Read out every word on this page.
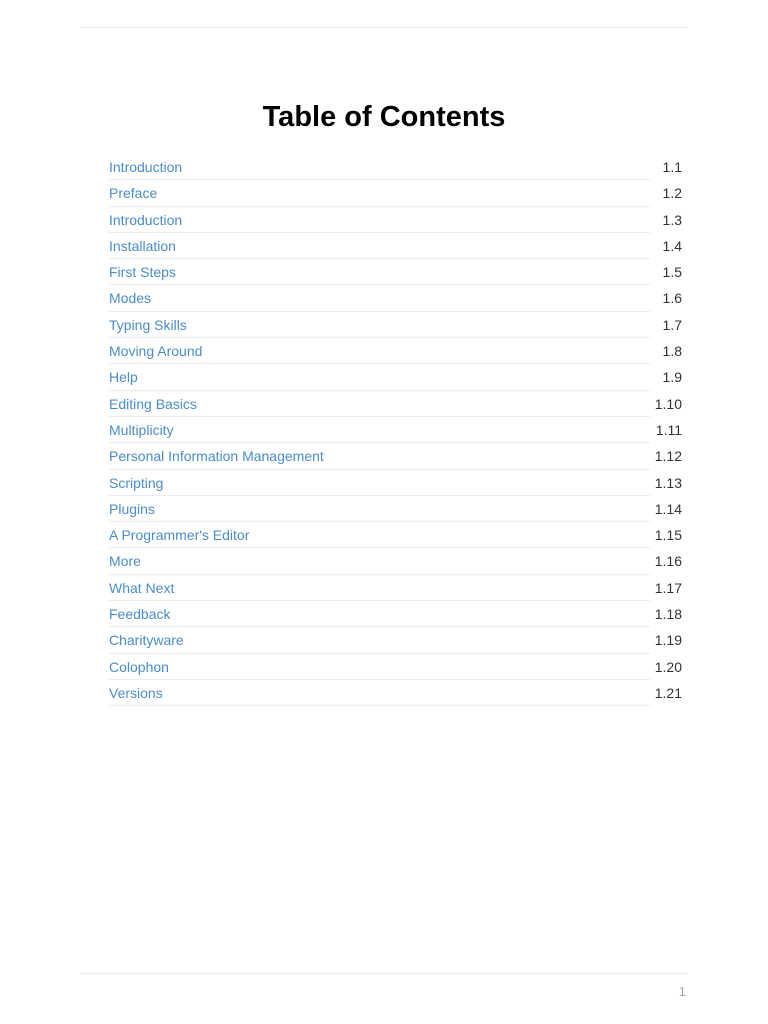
Table of Contents
Introduction	1.1
Preface	1.2
Introduction	1.3
Installation	1.4
First Steps	1.5
Modes	1.6
Typing Skills	1.7
Moving Around	1.8
Help	1.9
Editing Basics	1.10
Multiplicity	1.11
Personal Information Management	1.12
Scripting	1.13
Plugins	1.14
A Programmer's Editor	1.15
More	1.16
What Next	1.17
Feedback	1.18
Charityware	1.19
Colophon	1.20
Versions	1.21
1
